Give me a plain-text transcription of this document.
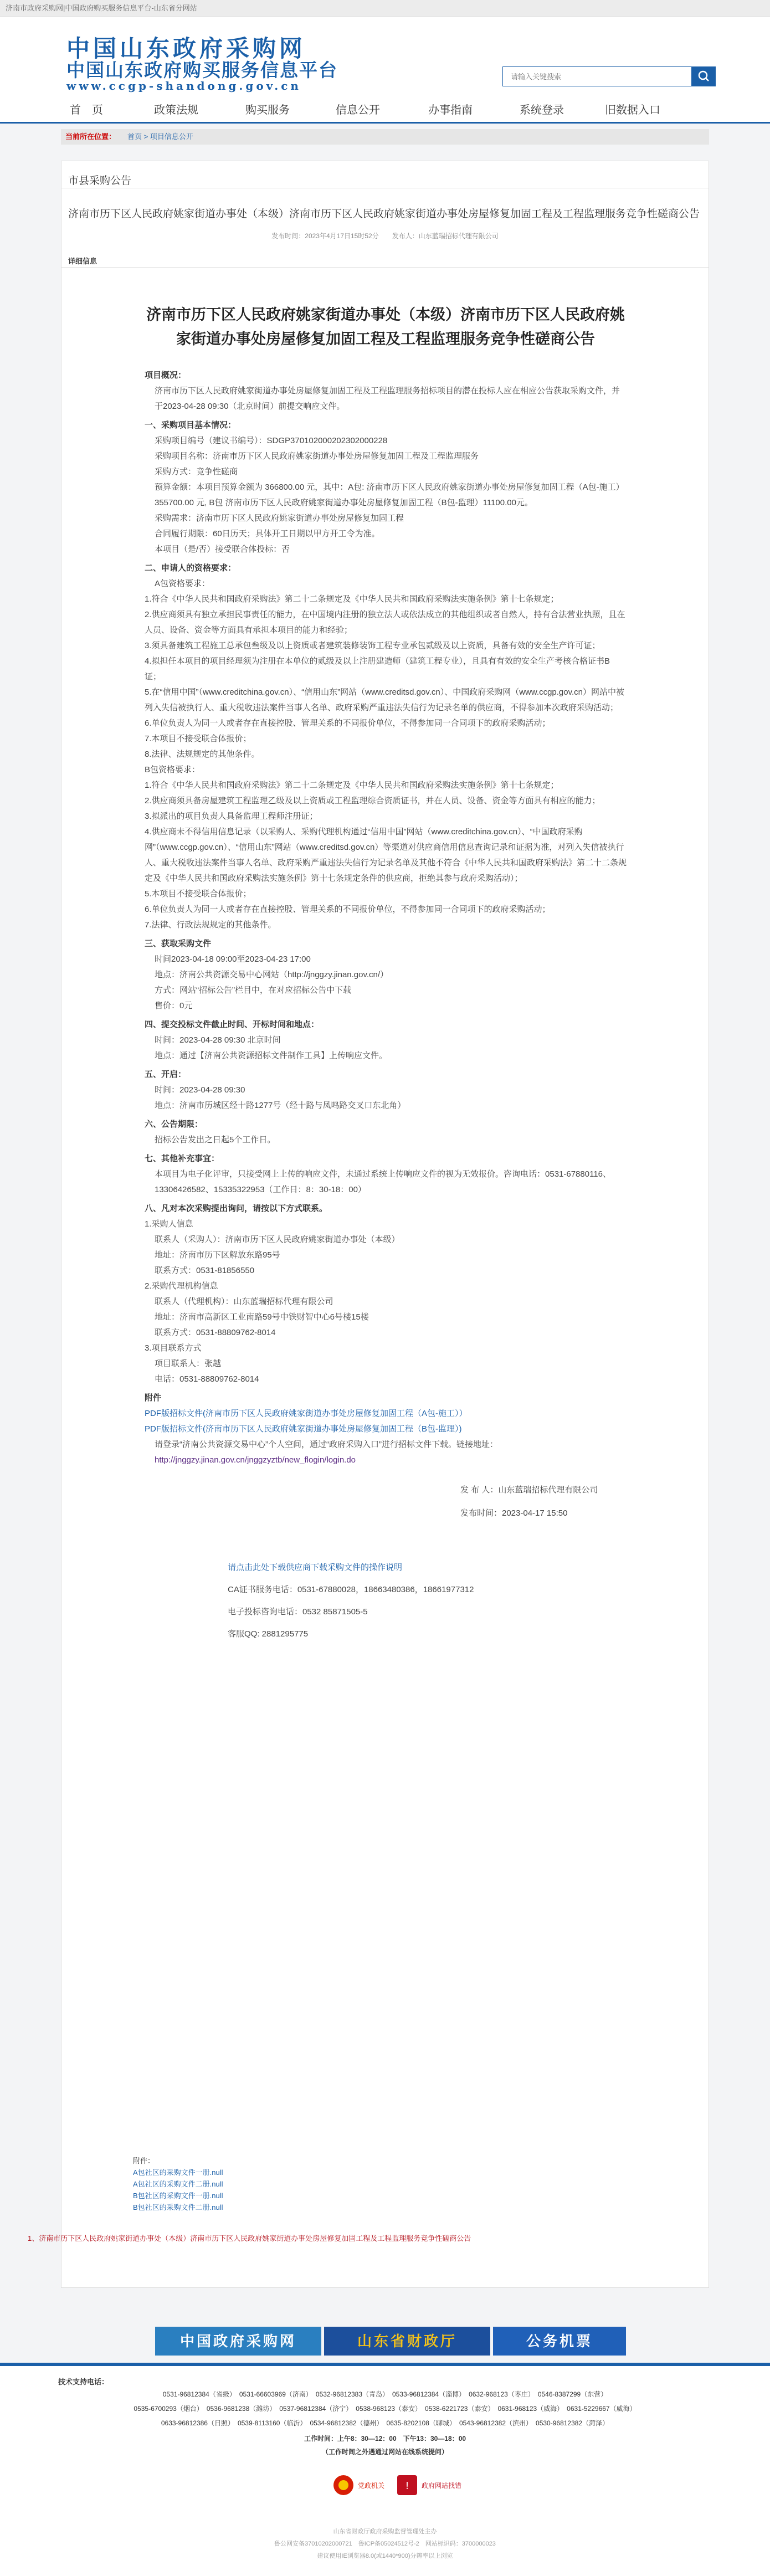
济南市政府采购网|中国政府购买服务信息平台-山东省分网站
中国山东政府采购网
中国山东政府购买服务信息平台
www.ccgp-shandong.gov.cn
请输入关键搜索
首　页	政策法规	购买服务	信息公开	办事指南	系统登录	旧数据入口
当前所在位置： 首页 > 项目信息公开
市县采购公告
济南市历下区人民政府姚家街道办事处（本级）济南市历下区人民政府姚家街道办事处房屋修复加固工程及工程监理服务竞争性磋商公告
发布时间：2023年4月17日15时52分　　发布人：山东蓝瑞招标代理有限公司
详细信息
济南市历下区人民政府姚家街道办事处（本级）济南市历下区人民政府姚家街道办事处房屋修复加固工程及工程监理服务竞争性磋商公告

项目概况：

济南市历下区人民政府姚家街道办事处房屋修复加固工程及工程监理服务招标项目的潜在投标人应在相应公告获取采购文件，并于2023-04-28 09:30（北京时间）前提交响应文件。

一、采购项目基本情况：

采购项目编号（建议书编号）：SDGP370102000202302000228

采购项目名称：济南市历下区人民政府姚家街道办事处房屋修复加固工程及工程监理服务

采购方式：竞争性磋商

预算金额：本项目预算金额为 366800.00 元，其中：A包: 济南市历下区人民政府姚家街道办事处房屋修复加固工程（A包-施工）355700.00 元, B包 济南市历下区人民政府姚家街道办事处房屋修复加固工程（B包-监理）11100.00元。

采购需求：济南市历下区人民政府姚家街道办事处房屋修复加固工程

合同履行期限：60日历天；具体开工日期以甲方开工令为准。

本项目（是/否）接受联合体投标：否

二、申请人的资格要求：

A包资格要求：

1.符合《中华人民共和国政府采购法》第二十二条规定及《中华人民共和国政府采购法实施条例》第十七条规定；

2.供应商须具有独立承担民事责任的能力，在中国境内注册的独立法人或依法成立的其他组织或者自然人，持有合法营业执照，且在人员、设备、资金等方面具有承担本项目的能力和经验；

3.须具备建筑工程施工总承包叁级及以上资质或者建筑装修装饰工程专业承包贰级及以上资质，具备有效的安全生产许可证；

4.拟担任本项目的项目经理须为注册在本单位的贰级及以上注册建造师（建筑工程专业），且具有有效的安全生产考核合格证书B证；

5.在“信用中国”（www.creditchina.gov.cn）、“信用山东”网站（www.creditsd.gov.cn）、中国政府采购网（www.ccgp.gov.cn）网站中被列入失信被执行人、重大税收违法案件当事人名单、政府采购严重违法失信行为记录名单的供应商，不得参加本次政府采购活动；

6.单位负责人为同一人或者存在直接控股、管理关系的不同报价单位，不得参加同一合同项下的政府采购活动；

7.本项目不接受联合体报价；

8.法律、法规规定的其他条件。

B包资格要求：

1.符合《中华人民共和国政府采购法》第二十二条规定及《中华人民共和国政府采购法实施条例》第十七条规定；

2.供应商须具备房屋建筑工程监理乙级及以上资质或工程监理综合资质证书，并在人员、设备、资金等方面具有相应的能力；

3.拟派出的项目负责人具备监理工程师注册证；

4.供应商未不得信用信息记录（以采购人、采购代理机构通过“信用中国”网站（www.creditchina.gov.cn）、“中国政府采购网”（www.ccgp.gov.cn）、“信用山东”网站（www.creditsd.gov.cn）等渠道对供应商信用信息查询记录和证据为准，对列入失信被执行人、重大税收违法案件当事人名单、政府采购严重违法失信行为记录名单及其他不符合《中华人民共和国政府采购法》第二十二条规定及《中华人民共和国政府采购法实施条例》第十七条规定条件的供应商，拒绝其参与政府采购活动）；

5.本项目不接受联合体报价；

6.单位负责人为同一人或者存在直接控股、管理关系的不同报价单位，不得参加同一合同项下的政府采购活动；

7.法律、行政法规规定的其他条件。

三、获取采购文件

时间2023-04-18 09:00至2023-04-23 17:00

地点：济南公共资源交易中心网站（http://jnggzy.jinan.gov.cn/）

方式：网站“招标公告”栏目中，在对应招标公告中下载

售价：0元

四、提交投标文件截止时间、开标时间和地点：

时间：2023-04-28 09:30 北京时间

地点：通过【济南公共资源招标文件制作工具】上传响应文件。

五、开启：

时间：2023-04-28 09:30

地点：济南市历城区经十路1277号（经十路与凤鸣路交叉口东北角）

六、公告期限：

招标公告发出之日起5个工作日。

七、其他补充事宜：

本项目为电子化评审，只接受网上上传的响应文件，未通过系统上传响应文件的视为无效报价。咨询电话：0531-67880116、13306426582、15335322953（工作日：8：30-18：00）

八、凡对本次采购提出询问，请按以下方式联系。

1.采购人信息

联系人（采购人）：济南市历下区人民政府姚家街道办事处（本级）

地址：济南市历下区解放东路95号

联系方式：0531-81856550

2.采购代理机构信息

联系人（代理机构）：山东蓝瑞招标代理有限公司

地址：济南市高新区工业南路59号中铁财智中心6号楼15楼

联系方式：0531-88809762-8014

3.项目联系方式

项目联系人：张越

电话：0531-88809762-8014

附件

PDF版招标文件(济南市历下区人民政府姚家街道办事处房屋修复加固工程（A包-施工））

PDF版招标文件(济南市历下区人民政府姚家街道办事处房屋修复加固工程（B包-监理）)

请登录“济南公共资源交易中心”个人空间，通过“政府采购入口”进行招标文件下载。链接地址：

http://jnggzy.jinan.gov.cn/jnggzyztb/new_flogin/login.do

发 布 人：山东蓝瑞招标代理有限公司

发布时间：2023-04-17 15:50

请点击此处下载供应商下载采购文件的操作说明

CA证书服务电话：0531-67880028，18663480386，18661977312

电子投标咨询电话：0532 85871505-5

客服QQ: 2881295775

附件：
A包社区的采购文件一册.null
A包社区的采购文件二册.null
B包社区的采购文件一册.null
B包社区的采购文件二册.null
1、济南市历下区人民政府姚家街道办事处（本级）济南市历下区人民政府姚家街道办事处房屋修复加固工程及工程监理服务竞争性磋商公告
中国政府采购网	山东省财政厅	公务机票
技术支持电话：
0531-96812384（省级）　0531-66603969（济南）　0532-96812383（青岛）　0533-96812384（淄博）　0632-968123（枣庄）　0546-8387299（东营）
0535-6700293（烟台）　0536-9681238（潍坊）　0537-96812384（济宁）　0538-968123（泰安）　0538-6221723（泰安）　0631-968123（威海）　0631-5229667（威海）
0633-96812386（日照）　0539-8113160（临沂）　0534-96812382（德州）　0635-8202108（聊城）　0543-96812382（滨州）　0530-96812382（菏泽）
工作时间：上午8：30—12：00　下午13：30—18：00
（工作时间之外遇通过网站在线系统提问）
党政机关 ! 政府网站找错
山东省财政厅政府采购监督管理处主办
鲁公网安备37010202000721　鲁ICP备05024512号-2　网站标识码：3700000023
建议使用IE浏览器8.0(或1440*900)分辨率以上浏览
